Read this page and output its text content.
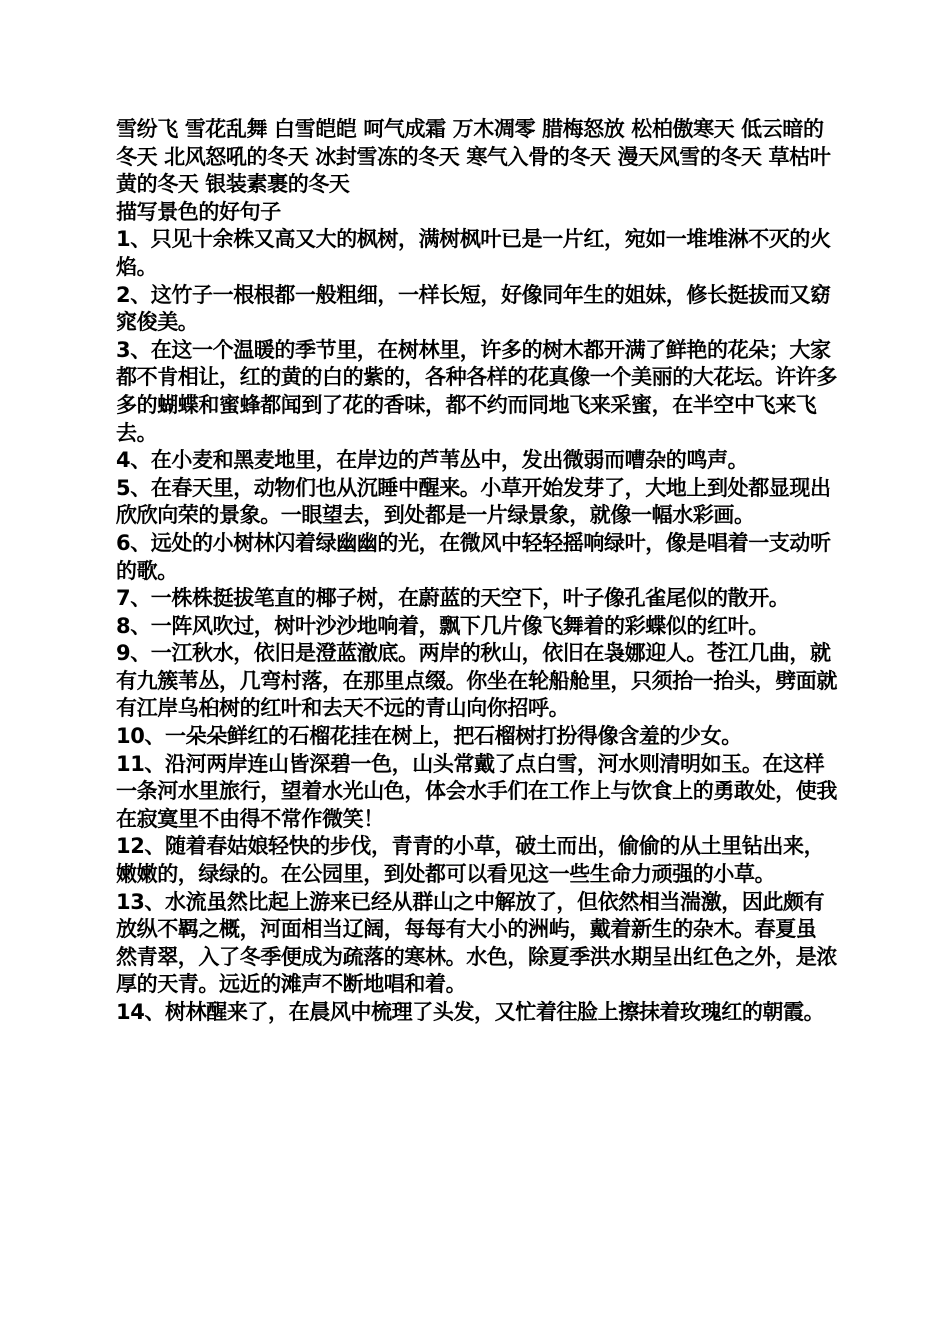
雪纷飞 雪花乱舞 白雪皑皑 呵气成霜 万木凋零 腊梅怒放 松柏傲寒天 低云暗的冬天 北风怒吼的冬天 冰封雪冻的冬天 寒气入骨的冬天 漫天风雪的冬天 草枯叶黄的冬天 银装素裹的冬天

描写景色的好句子

1、只见十余株又高又大的枫树，满树枫叶已是一片红，宛如一堆堆淋不灭的火焰。

2、这竹子一根根都一般粗细，一样长短，好像同年生的姐妹，修长挺拔而又窈窕俊美。

3、在这一个温暖的季节里，在树林里，许多的树木都开满了鲜艳的花朵；大家都不肯相让，红的黄的白的紫的，各种各样的花真像一个美丽的大花坛。许许多多的蝴蝶和蜜蜂都闻到了花的香味，都不约而同地飞来采蜜，在半空中飞来飞去。

4、在小麦和黑麦地里，在岸边的芦苇丛中，发出微弱而嘈杂的鸣声。

5、在春天里，动物们也从沉睡中醒来。小草开始发芽了，大地上到处都显现出欣欣向荣的景象。一眼望去，到处都是一片绿景象，就像一幅水彩画。

6、远处的小树林闪着绿幽幽的光，在微风中轻轻摇响绿叶，像是唱着一支动听的歌。

7、一株株挺拔笔直的椰子树，在蔚蓝的天空下，叶子像孔雀尾似的散开。

8、一阵风吹过，树叶沙沙地响着，飘下几片像飞舞着的彩蝶似的红叶。

9、一江秋水，依旧是澄蓝澈底。两岸的秋山，依旧在袅娜迎人。苍江几曲，就有九簇苇丛，几弯村落，在那里点缀。你坐在轮船舱里，只须抬一抬头，劈面就有江岸乌桕树的红叶和去天不远的青山向你招呼。

10、一朵朵鲜红的石榴花挂在树上，把石榴树打扮得像含羞的少女。

11、沿河两岸连山皆深碧一色，山头常戴了点白雪，河水则清明如玉。在这样一条河水里旅行，望着水光山色，体会水手们在工作上与饮食上的勇敢处，使我在寂寞里不由得不常作微笑！

12、随着春姑娘轻快的步伐，青青的小草，破土而出，偷偷的从土里钻出来，嫩嫩的，绿绿的。在公园里，到处都可以看见这一些生命力顽强的小草。

13、水流虽然比起上游来已经从群山之中解放了，但依然相当湍激，因此颇有放纵不羁之概，河面相当辽阔，每每有大小的洲屿，戴着新生的杂木。春夏虽

然青翠，入了冬季便成为疏落的寒林。水色，除夏季洪水期呈出红色之外，是浓厚的天青。远近的滩声不断地唱和着。

14、树林醒来了，在晨风中梳理了头发，又忙着往脸上擦抹着玫瑰红的朝霞。
